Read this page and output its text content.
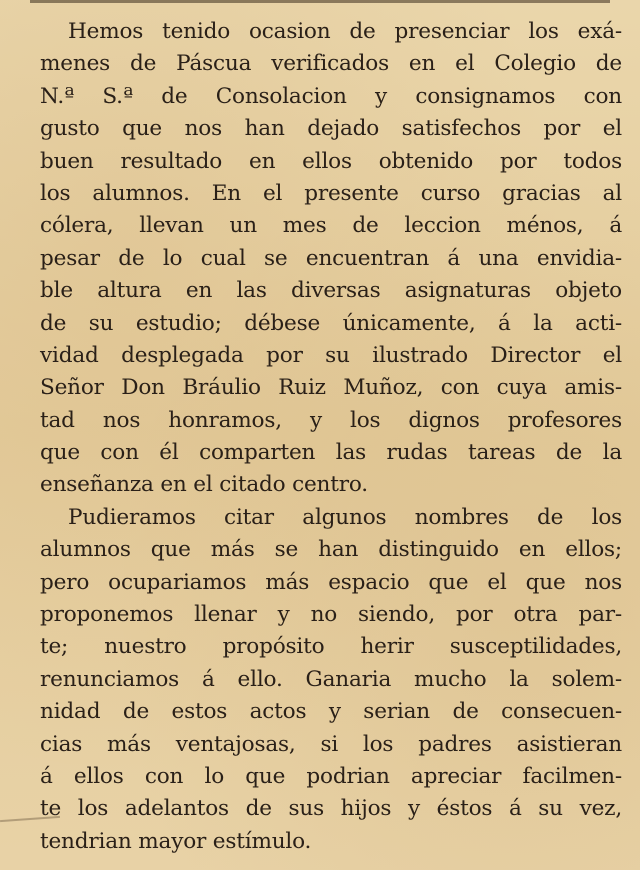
Hemos tenido ocasion de presenciar los exá-
menes de Páscua verificados en el Colegio de
N.ª S.ª de Consolacion y consignamos con
gusto que nos han dejado satisfechos por el
buen resultado en ellos obtenido por todos
los alumnos. En el presente curso gracias al
cólera, llevan un mes de leccion ménos, á
pesar de lo cual se encuentran á una envidia-
ble altura en las diversas asignaturas objeto
de su estudio; débese únicamente, á la acti-
vidad desplegada por su ilustrado Director el
Señor Don Bráulio Ruiz Muñoz, con cuya amis-
tad nos honramos, y los dignos profesores
que con él comparten las rudas tareas de la
enseñanza en el citado centro.
Pudieramos citar algunos nombres de los
alumnos que más se han distinguido en ellos;
pero ocupariamos más espacio que el que nos
proponemos llenar y no siendo, por otra par-
te; nuestro propósito herir susceptilidades,
renunciamos á ello. Ganaria mucho la solem-
nidad de estos actos y serian de consecuen-
cias más ventajosas, si los padres asistieran
á ellos con lo que podrian apreciar facilmen-
te los adelantos de sus hijos y éstos á su vez,
tendrian mayor estímulo.
